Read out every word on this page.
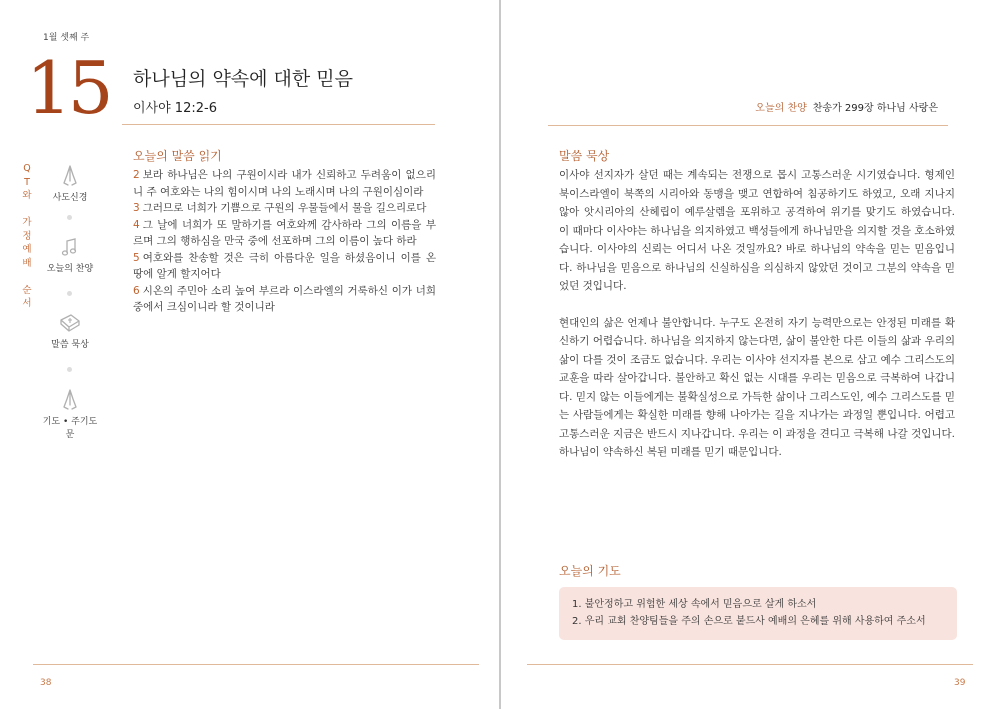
1월 셋째 주
15 하나님의 약속에 대한 믿음
이사야 12:2-6
Q
T
와

가
정
예
배

순
서
사도신경
오늘의 찬양
말씀 묵상
기도 • 주기도문
오늘의 말씀 읽기
2 보라 하나님은 나의 구원이시라 내가 신뢰하고 두려움이 없으리니 주 여호와는 나의 힘이시며 나의 노래시며 나의 구원이심이라
3 그러므로 너희가 기쁨으로 구원의 우물들에서 물을 길으리로다
4 그 날에 너희가 또 말하기를 여호와께 감사하라 그의 이름을 부르며 그의 행하심을 만국 중에 선포하며 그의 이름이 높다 하라
5 여호와를 찬송할 것은 극히 아름다운 일을 하셨음이니 이를 온 땅에 알게 할지어다
6 시온의 주민아 소리 높여 부르라 이스라엘의 거룩하신 이가 너희 중에서 크심이니라 할 것이니라
38
오늘의 찬양 찬송가 299장 하나님 사랑은
말씀 묵상

이사야 선지자가 살던 때는 계속되는 전쟁으로 몹시 고통스러운 시기였습니다. 형제인 북이스라엘이 북쪽의 시리아와 동맹을 맺고 연합하여 침공하기도 하였고, 오래 지나지 않아 앗시리아의 산헤립이 예루살렘을 포위하고 공격하여 위기를 맞기도 하였습니다. 이 때마다 이사야는 하나님을 의지하였고 백성들에게 하나님만을 의지할 것을 호소하였습니다. 이사야의 신뢰는 어디서 나온 것일까요? 바로 하나님의 약속을 믿는 믿음입니다. 하나님을 믿음으로 하나님의 신실하심을 의심하지 않았던 것이고 그분의 약속을 믿었던 것입니다.

현대인의 삶은 언제나 불안합니다. 누구도 온전히 자기 능력만으로는 안정된 미래를 확신하기 어렵습니다. 하나님을 의지하지 않는다면, 삶이 불안한 다른 이들의 삶과 우리의 삶이 다를 것이 조금도 없습니다. 우리는 이사야 선지자를 본으로 삼고 예수 그리스도의 교훈을 따라 살아갑니다. 불안하고 확신 없는 시대를 우리는 믿음으로 극복하여 나갑니다. 믿지 않는 이들에게는 불확실성으로 가득한 삶이나 그리스도인, 예수 그리스도를 믿는 사람들에게는 확실한 미래를 향해 나아가는 길을 지나가는 과정일 뿐입니다. 어렵고 고통스러운 지금은 반드시 지나갑니다. 우리는 이 과정을 견디고 극복해 나갈 것입니다. 하나님이 약속하신 복된 미래를 믿기 때문입니다.

오늘의 기도
1. 불안정하고 위험한 세상 속에서 믿음으로 살게 하소서
2. 우리 교회 찬양팀들을 주의 손으로 붙드사 예배의 은혜를 위해 사용하여 주소서
39
